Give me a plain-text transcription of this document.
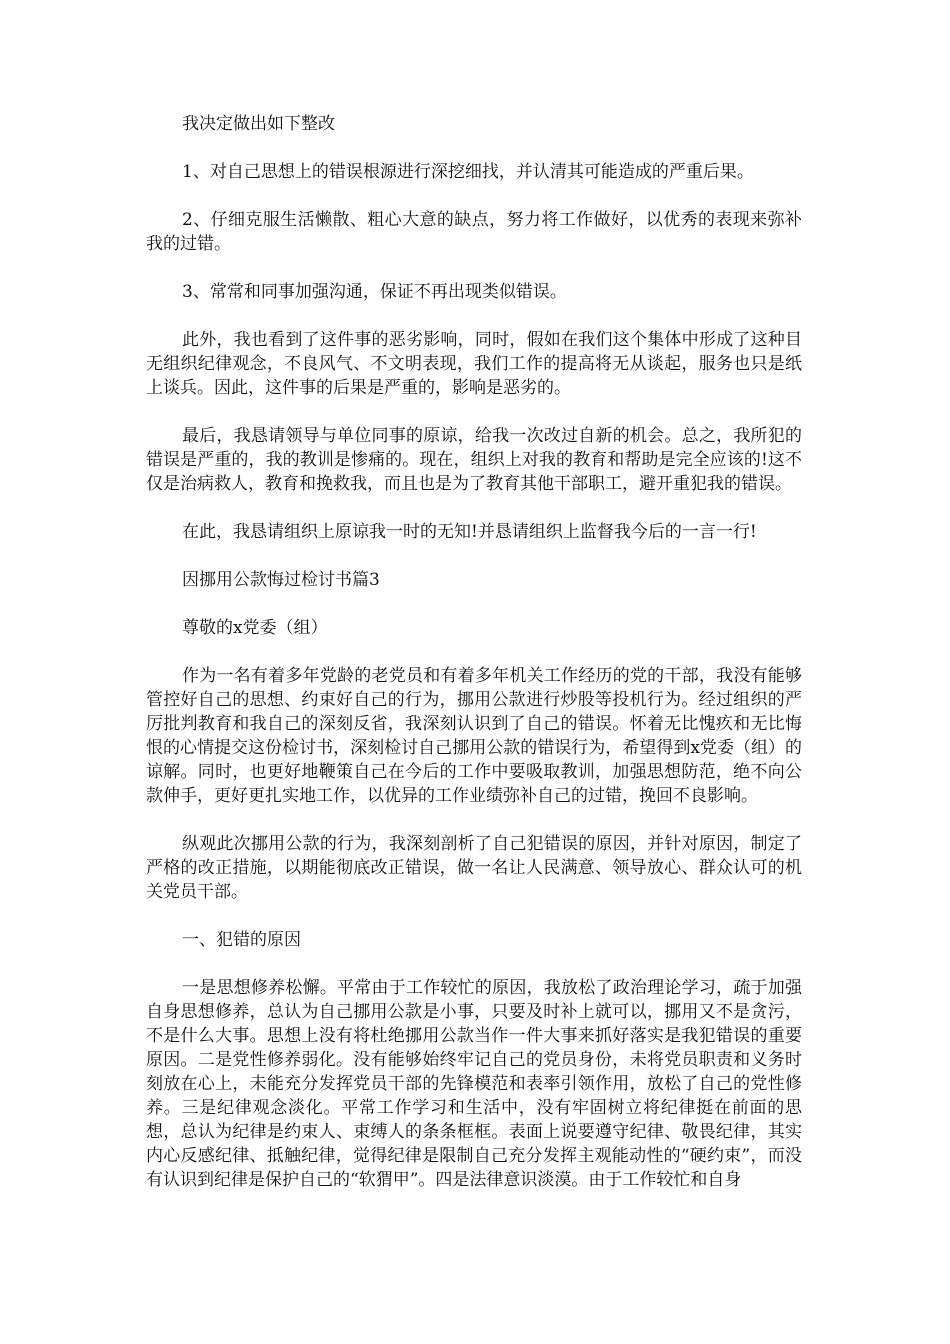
我决定做出如下整改

1、对自己思想上的错误根源进行深挖细找，并认清其可能造成的严重后果。

2、仔细克服生活懒散、粗心大意的缺点，努力将工作做好，以优秀的表现来弥补我的过错。

3、常常和同事加强沟通，保证不再出现类似错误。

此外，我也看到了这件事的恶劣影响，同时，假如在我们这个集体中形成了这种目无组织纪律观念，不良风气、不文明表现，我们工作的提高将无从谈起，服务也只是纸上谈兵。因此，这件事的后果是严重的，影响是恶劣的。

最后，我恳请领导与单位同事的原谅，给我一次改过自新的机会。总之，我所犯的错误是严重的，我的教训是惨痛的。现在，组织上对我的教育和帮助是完全应该的!这不仅是治病救人，教育和挽救我，而且也是为了教育其他干部职工，避开重犯我的错误。

在此，我恳请组织上原谅我一时的无知!并恳请组织上监督我今后的一言一行!

因挪用公款悔过检讨书篇3

尊敬的x党委（组）

作为一名有着多年党龄的老党员和有着多年机关工作经历的党的干部，我没有能够管控好自己的思想、约束好自己的行为，挪用公款进行炒股等投机行为。经过组织的严厉批判教育和我自己的深刻反省，我深刻认识到了自己的错误。怀着无比愧疚和无比悔恨的心情提交这份检讨书，深刻检讨自己挪用公款的错误行为，希望得到x党委（组）的谅解。同时，也更好地鞭策自己在今后的工作中要吸取教训，加强思想防范，绝不向公款伸手，更好更扎实地工作，以优异的工作业绩弥补自己的过错，挽回不良影响。

纵观此次挪用公款的行为，我深刻剖析了自己犯错误的原因，并针对原因，制定了严格的改正措施，以期能彻底改正错误，做一名让人民满意、领导放心、群众认可的机关党员干部。

一、犯错的原因

一是思想修养松懈。平常由于工作较忙的原因，我放松了政治理论学习，疏于加强自身思想修养，总认为自己挪用公款是小事，只要及时补上就可以，挪用又不是贪污，不是什么大事。思想上没有将杜绝挪用公款当作一件大事来抓好落实是我犯错误的重要原因。二是党性修养弱化。没有能够始终牢记自己的党员身份，未将党员职责和义务时刻放在心上，未能充分发挥党员干部的先锋模范和表率引领作用，放松了自己的党性修养。三是纪律观念淡化。平常工作学习和生活中，没有牢固树立将纪律挺在前面的思想，总认为纪律是约束人、束缚人的条条框框。表面上说要遵守纪律、敬畏纪律，其实内心反感纪律、抵触纪律，觉得纪律是限制自己充分发挥主观能动性的“硬约束”，而没有认识到纪律是保护自己的“软猬甲”。四是法律意识淡漠。由于工作较忙和自身
